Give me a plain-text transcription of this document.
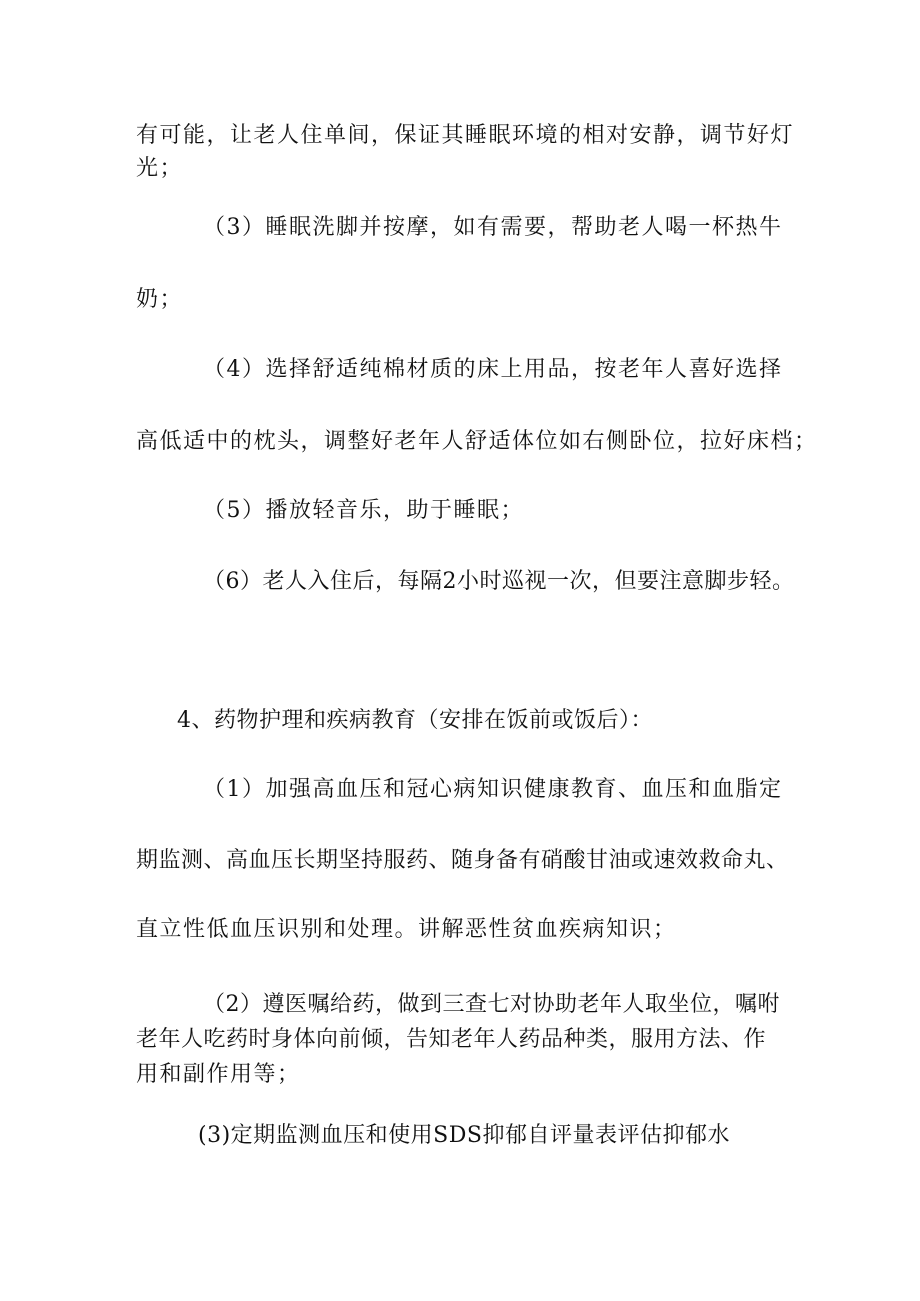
有可能，让老人住单间，保证其睡眠环境的相对安静，调节好灯
光；
（3）睡眠洗脚并按摩，如有需要，帮助老人喝一杯热牛
奶；
（4）选择舒适纯棉材质的床上用品，按老年人喜好选择
高低适中的枕头，调整好老年人舒适体位如右侧卧位，拉好床档；
（5）播放轻音乐，助于睡眠；
（6）老人入住后，每隔2小时巡视一次，但要注意脚步轻。
4、药物护理和疾病教育（安排在饭前或饭后）：
（1）加强高血压和冠心病知识健康教育、血压和血脂定
期监测、高血压长期坚持服药、随身备有硝酸甘油或速效救命丸、
直立性低血压识别和处理。讲解恶性贫血疾病知识；
（2）遵医嘱给药，做到三查七对协助老年人取坐位，嘱咐
老年人吃药时身体向前倾，告知老年人药品种类，服用方法、作
用和副作用等；
(3)定期监测血压和使用SDS抑郁自评量表评估抑郁水
